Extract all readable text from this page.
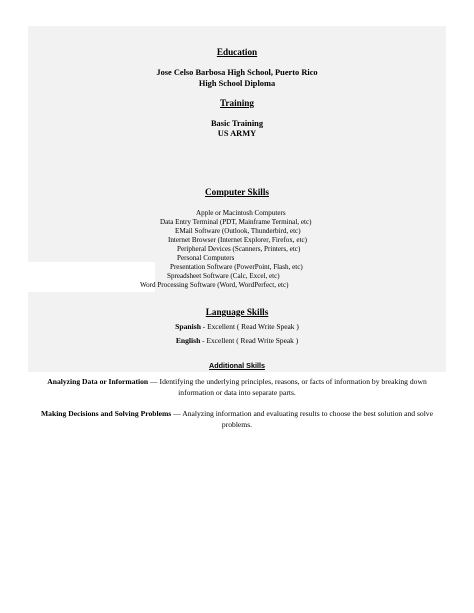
Education
Jose Celso Barbosa High School, Puerto Rico
High School Diploma
Training
Basic Training
US ARMY
Computer Skills
Apple or Macintosh Computers
Data Entry Terminal (PDT, Mainframe Terminal, etc)
EMail Software (Outlook, Thunderbird, etc)
Internet Browser (Internet Explorer, Firefox, etc)
Peripheral Devices (Scanners, Printers, etc)
Personal Computers
Presentation Software (PowerPoint, Flash, etc)
Spreadsheet Software (Calc, Excel, etc)
Word Processing Software (Word, WordPerfect, etc)
Language Skills
Spanish - Excellent ( Read Write Speak )
English - Excellent ( Read Write Speak )
Additional Skills
Analyzing Data or Information — Identifying the underlying principles, reasons, or facts of information by breaking down information or data into separate parts.
Making Decisions and Solving Problems — Analyzing information and evaluating results to choose the best solution and solve problems.
